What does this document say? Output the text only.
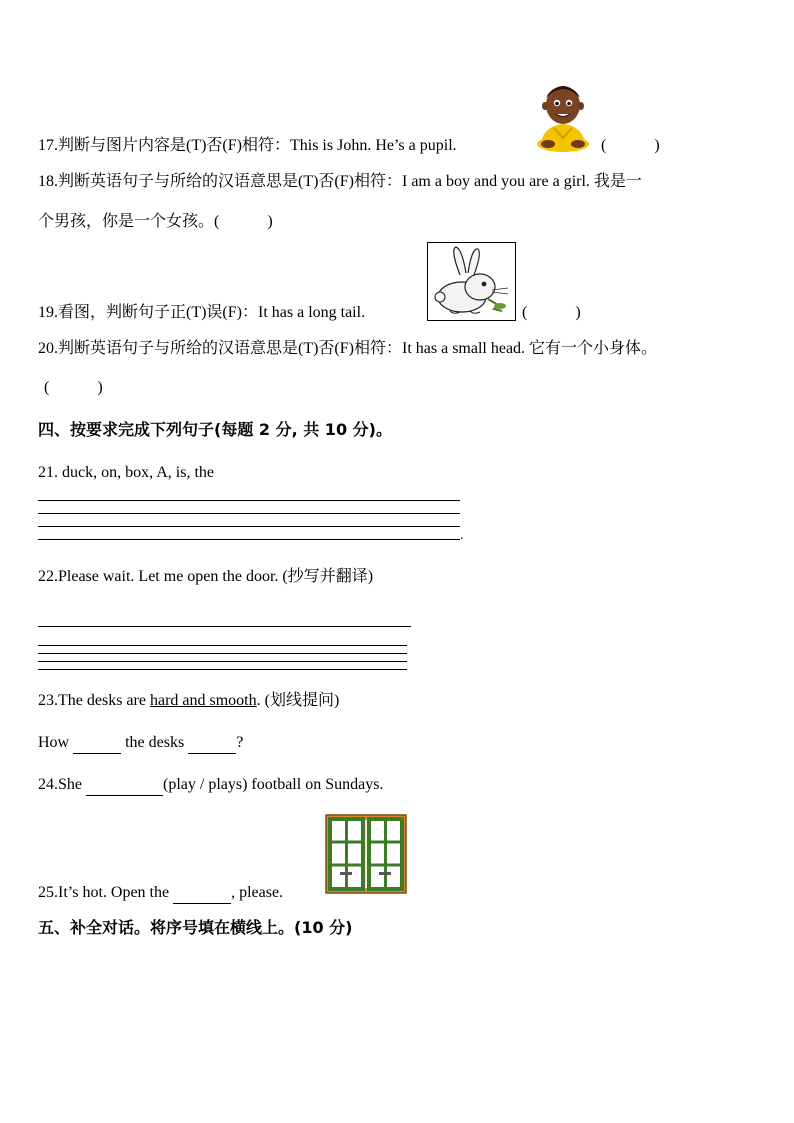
17.判断与图片内容是(T)否(F)相符：This is John. He’s a pupil.	(　　　)
18.判断英语句子与所给的汉语意思是(T)否(F)相符：I am a boy and you are a girl. 我是一
个男孩，你是一个女孩。(　　　)
19.看图，判断句子正(T)误(F)：It has a long tail.	(　　　)
20.判断英语句子与所给的汉语意思是(T)否(F)相符：It has a small head. 它有一个小身体。
(　　　)
四、按要求完成下列句子(每题 2 分, 共 10 分)。
21. duck, on, box, A, is, the
.
22.Please wait. Let me open the door. (抄写并翻译)
23.The desks are hard and smooth. (划线提问)
How	the desks	?
24.She	(play / plays) football on Sundays.
25.It’s hot. Open the	, please.
五、补全对话。将序号填在横线上。(10 分)
